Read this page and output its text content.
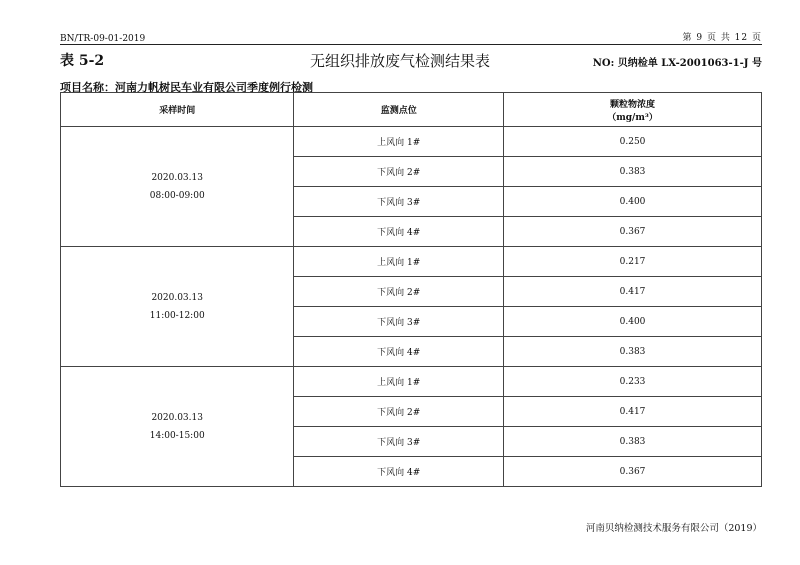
BN/TR-09-01-2019	第 9 页 共 12 页
表 5-2	无组织排放废气检测结果表	NO: 贝纳检单 LX-2001063-1-J 号
项目名称：河南力帆树民车业有限公司季度例行检测
采样时间	监测点位	颗粒物浓度
（mg/m³）

2020.03.13
08:00-09:00	上风向 1#	0.250
	下风向 2#	0.383
	下风向 3#	0.400
	下风向 4#	0.367

2020.03.13
11:00-12:00	上风向 1#	0.217
	下风向 2#	0.417
	下风向 3#	0.400
	下风向 4#	0.383

2020.03.13
14:00-15:00	上风向 1#	0.233
	下风向 2#	0.417
	下风向 3#	0.383
	下风向 4#	0.367
河南贝纳检测技术服务有限公司（2019）
